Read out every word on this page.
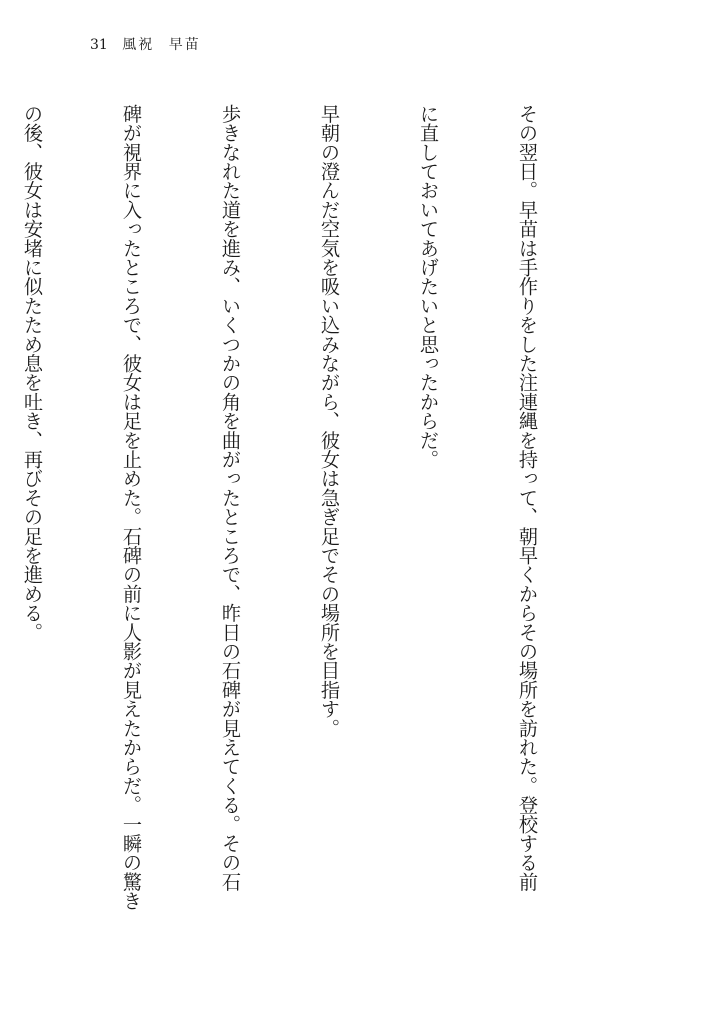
31 風祝 早苗

その翌日。早苗は手作りをした注連縄を持って、朝早くからその場所を訪れた。登校する前

に直しておいてあげたいと思ったからだ。

早朝の澄んだ空気を吸い込みながら、彼女は急ぎ足でその場所を目指す。

歩きなれた道を進み、いくつかの角を曲がったところで、昨日の石碑が見えてくる。その石

碑が視界に入ったところで、彼女は足を止めた。石碑の前に人影が見えたからだ。一瞬の驚き

の後、彼女は安堵に似たため息を吐き、再びその足を進める。
